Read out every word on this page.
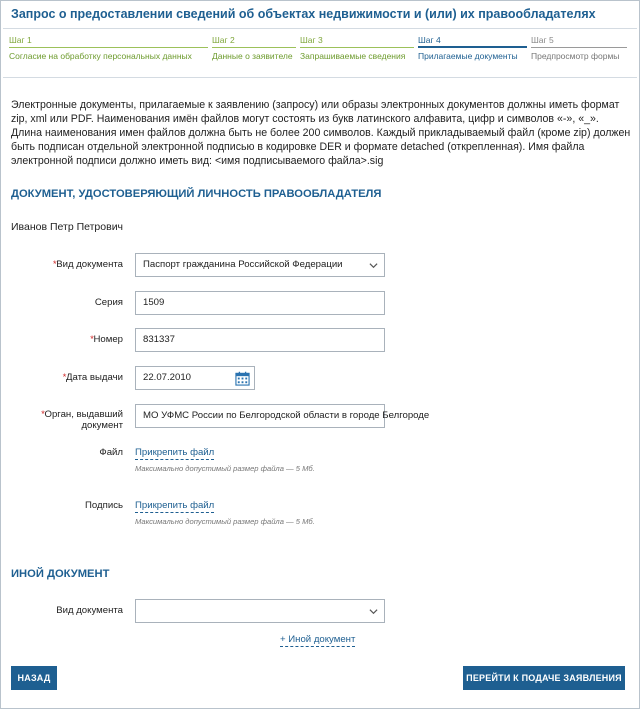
Запрос о предоставлении сведений об объектах недвижимости и (или) их правообладателях
Шаг 1
Согласие на обработку персональных данных
Шаг 2
Данные о заявителе
Шаг 3
Запрашиваемые сведения
Шаг 4
Прилагаемые документы
Шаг 5
Предпросмотр формы
Электронные документы, прилагаемые к заявлению (запросу) или образы электронных документов должны иметь формат zip, xml или PDF. Наименования имён файлов могут состоять из букв латинского алфавита, цифр и символов «-», «_». Длина наименования имен файлов должна быть не более 200 символов. Каждый прикладываемый файл (кроме zip) должен быть подписан отдельной электронной подписью в кодировке DER и формате detached (открепленная). Имя файла электронной подписи должно иметь вид: <имя подписываемого файла>.sig
ДОКУМЕНТ, УДОСТОВЕРЯЮЩИЙ ЛИЧНОСТЬ ПРАВООБЛАДАТЕЛЯ
Иванов Петр Петрович
*Вид документа	Паспорт гражданина Российской Федерации
Серия	1509
*Номер	831337
*Дата выдачи	22.07.2010
*Орган, выдавший
документ
МО УФМС России по Белгородской области в городе Белгороде
Файл Прикрепить файл
Максимально допустимый размер файла — 5 Мб.
Подпись Прикрепить файл
Максимально допустимый размер файла — 5 Мб.
ИНОЙ ДОКУМЕНТ
Вид документа
+ Иной документ
НАЗАД	ПЕРЕЙТИ К ПОДАЧЕ ЗАЯВЛЕНИЯ
